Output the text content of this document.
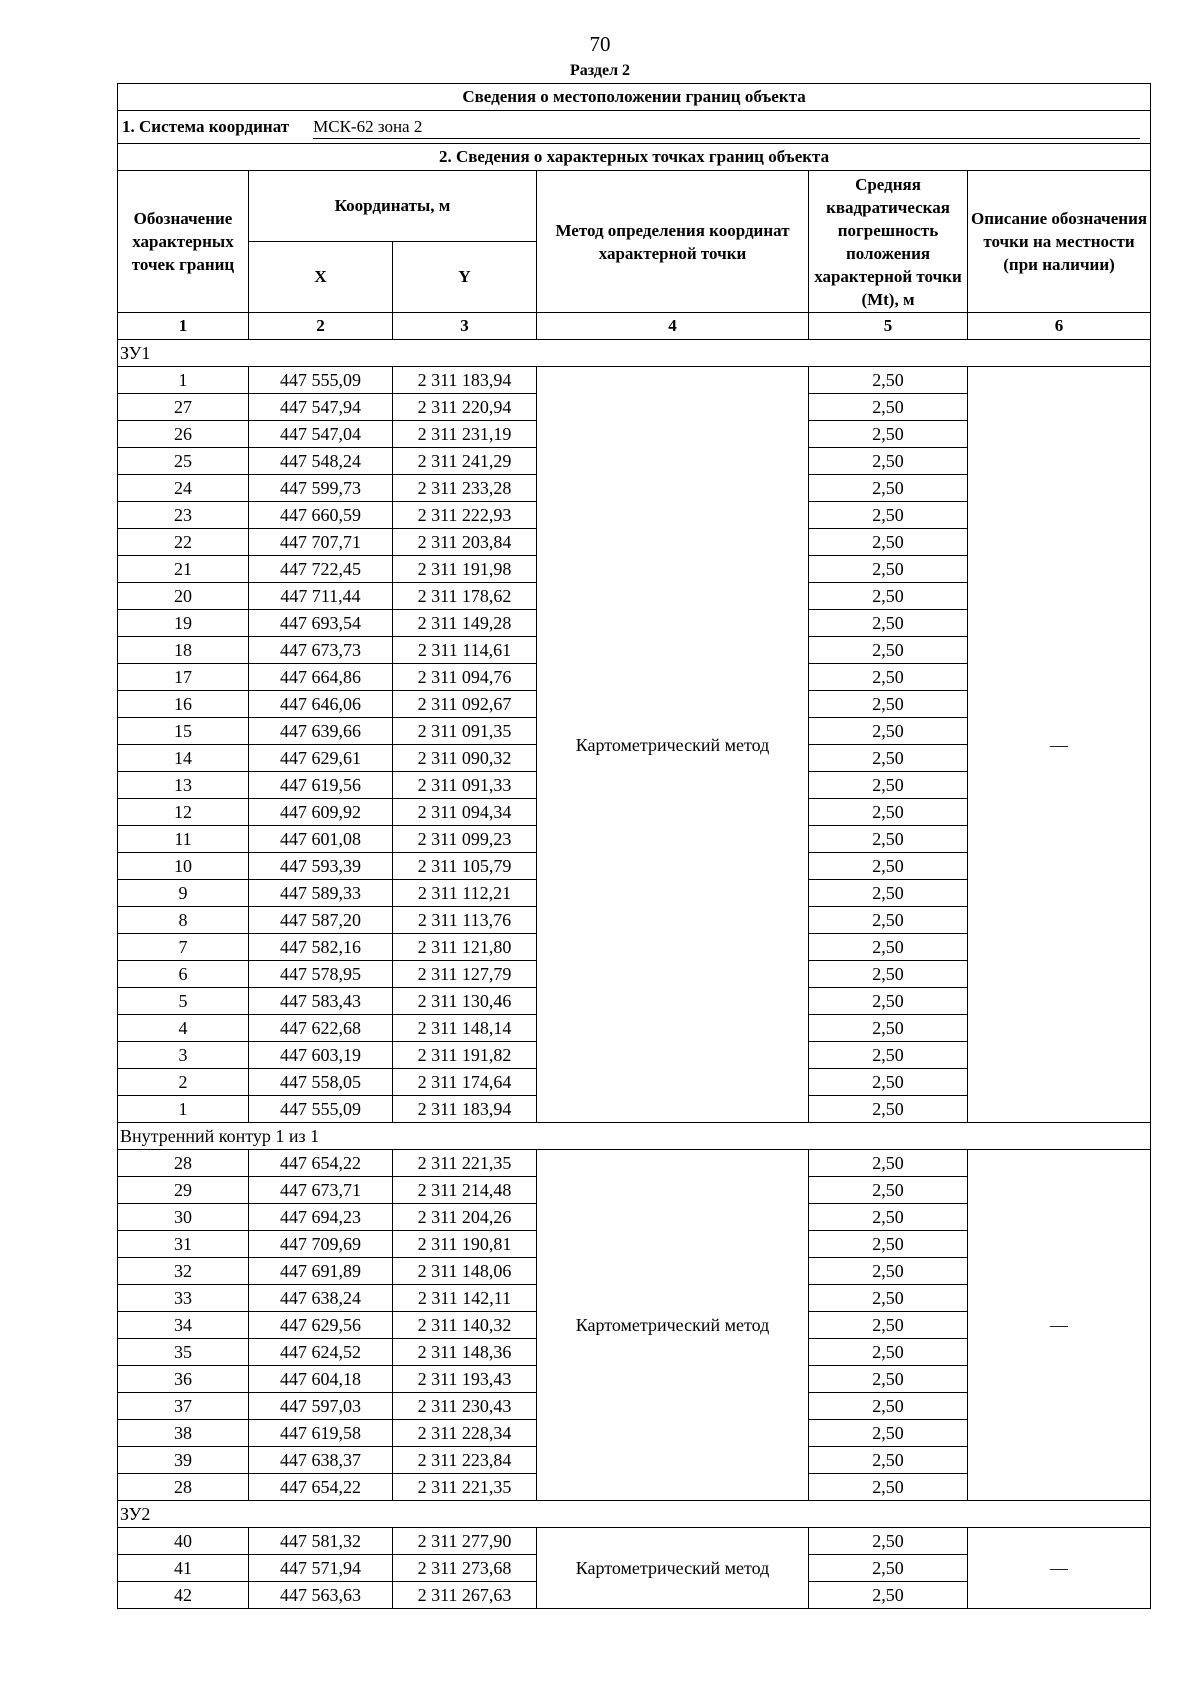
70
Раздел 2
Сведения о местоположении границ объекта					

1. Система координат МСК-62 зона 2					

2. Сведения о характерных точках границ объекта					
Обозначение характерных точек границ	Координаты, м		Метод определения координат характерной точки	Средняя квадратическая погрешность положения характерной точки (Mt), м	Описание обозначения точки на местности (при наличии)
	X	Y			
1	2	3	4	5	6
ЗУ1					
1	447 555,09	2 311 183,94	Картометрический метод	2,50	—
27	447 547,94	2 311 220,94		2,50	
26	447 547,04	2 311 231,19		2,50	
25	447 548,24	2 311 241,29		2,50	
24	447 599,73	2 311 233,28		2,50	
23	447 660,59	2 311 222,93		2,50	
22	447 707,71	2 311 203,84		2,50	
21	447 722,45	2 311 191,98		2,50	
20	447 711,44	2 311 178,62		2,50	
19	447 693,54	2 311 149,28		2,50	
18	447 673,73	2 311 114,61		2,50	
17	447 664,86	2 311 094,76		2,50	
16	447 646,06	2 311 092,67		2,50	
15	447 639,66	2 311 091,35		2,50	
14	447 629,61	2 311 090,32		2,50	
13	447 619,56	2 311 091,33		2,50	
12	447 609,92	2 311 094,34		2,50	
11	447 601,08	2 311 099,23		2,50	
10	447 593,39	2 311 105,79		2,50	
9	447 589,33	2 311 112,21		2,50	
8	447 587,20	2 311 113,76		2,50	
7	447 582,16	2 311 121,80		2,50	
6	447 578,95	2 311 127,79		2,50	
5	447 583,43	2 311 130,46		2,50	
4	447 622,68	2 311 148,14		2,50	
3	447 603,19	2 311 191,82		2,50	
2	447 558,05	2 311 174,64		2,50	
1	447 555,09	2 311 183,94		2,50	
Внутренний контур 1 из 1					
28	447 654,22	2 311 221,35	Картометрический метод	2,50	—
29	447 673,71	2 311 214,48		2,50	
30	447 694,23	2 311 204,26		2,50	
31	447 709,69	2 311 190,81		2,50	
32	447 691,89	2 311 148,06		2,50	
33	447 638,24	2 311 142,11		2,50	
34	447 629,56	2 311 140,32		2,50	
35	447 624,52	2 311 148,36		2,50	
36	447 604,18	2 311 193,43		2,50	
37	447 597,03	2 311 230,43		2,50	
38	447 619,58	2 311 228,34		2,50	
39	447 638,37	2 311 223,84		2,50	
28	447 654,22	2 311 221,35		2,50	
ЗУ2					
40	447 581,32	2 311 277,90	Картометрический метод	2,50	—
41	447 571,94	2 311 273,68		2,50	
42	447 563,63	2 311 267,63		2,50	
